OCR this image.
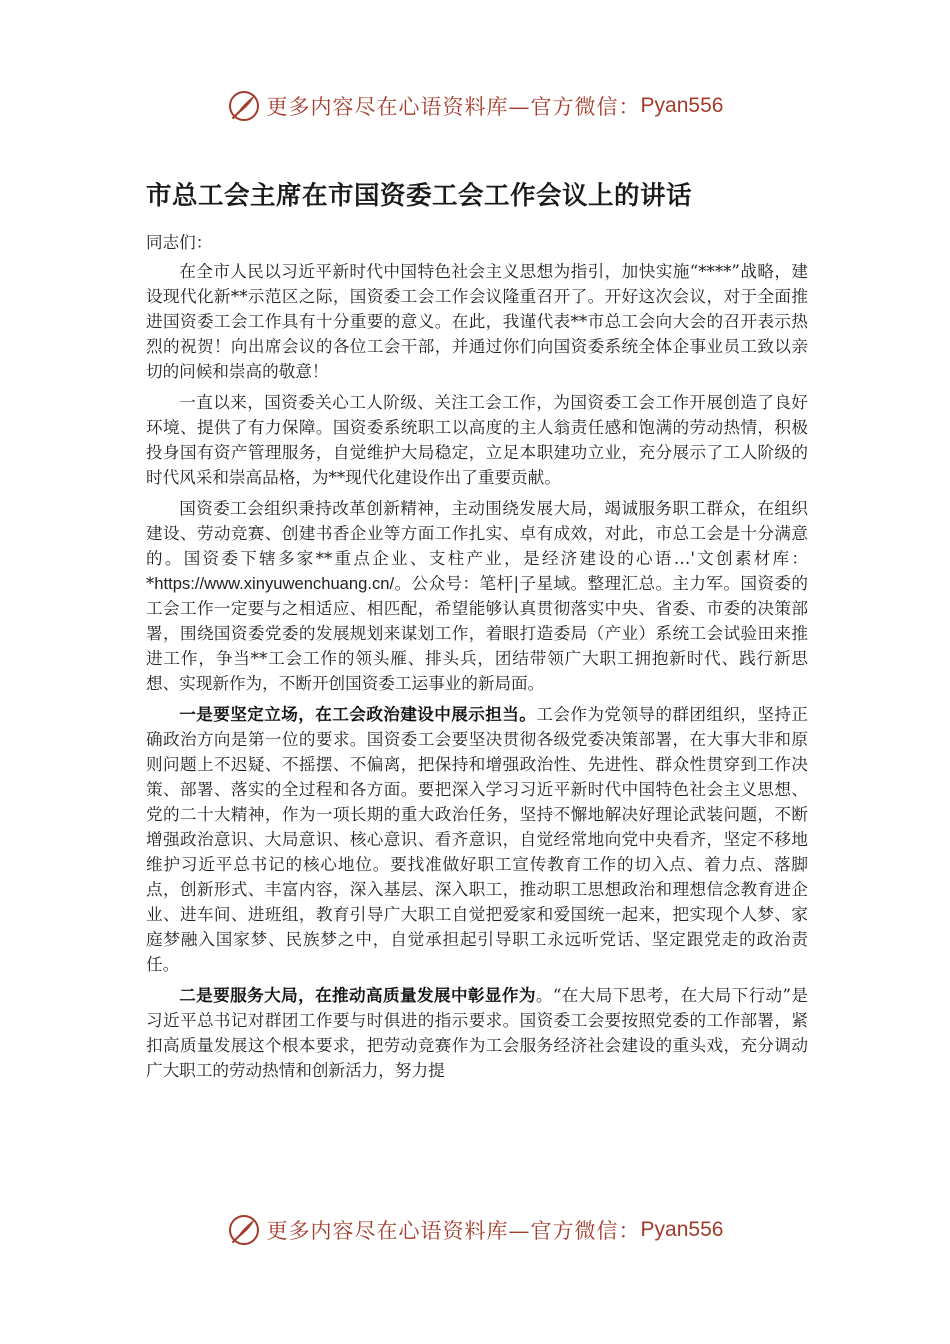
更多内容尽在心语资料库—官方微信： Pyan556
市总工会主席在市国资委工会工作会议上的讲话

同志们：

在全市人民以习近平新时代中国特色社会主义思想为指引，加快实施“****”战略，建设现代化新**示范区之际，国资委工会工作会议隆重召开了。开好这次会议，对于全面推进国资委工会工作具有十分重要的意义。在此，我谨代表**市总工会向大会的召开表示热烈的祝贺！向出席会议的各位工会干部，并通过你们向国资委系统全体企事业员工致以亲切的问候和崇高的敬意！

一直以来，国资委关心工人阶级、关注工会工作，为国资委工会工作开展创造了良好环境、提供了有力保障。国资委系统职工以高度的主人翁责任感和饱满的劳动热情，积极投身国有资产管理服务，自觉维护大局稳定，立足本职建功立业，充分展示了工人阶级的时代风采和崇高品格，为**现代化建设作出了重要贡献。

国资委工会组织秉持改革创新精神，主动围绕发展大局，竭诚服务职工群众，在组织建设、劳动竞赛、创建书香企业等方面工作扎实、卓有成效，对此，市总工会是十分满意的。国资委下辖多家**重点企业、支柱产业，是经济建设的心语…'文创素材库：*https://www.xinyuwenchuang.cn/。公众号：笔杆|子星域。整理汇总。主力军。国资委的工会工作一定要与之相适应、相匹配，希望能够认真贯彻落实中央、省委、市委的决策部署，围绕国资委党委的发展规划来谋划工作，着眼打造委局（产业）系统工会试验田来推进工作，争当**工会工作的领头雁、排头兵，团结带领广大职工拥抱新时代、践行新思想、实现新作为，不断开创国资委工运事业的新局面。

一是要坚定立场，在工会政治建设中展示担当。工会作为党领导的群团组织，坚持正确政治方向是第一位的要求。国资委工会要坚决贯彻各级党委决策部署，在大事大非和原则问题上不迟疑、不摇摆、不偏离，把保持和增强政治性、先进性、群众性贯穿到工作决策、部署、落实的全过程和各方面。要把深入学习习近平新时代中国特色社会主义思想、党的二十大精神，作为一项长期的重大政治任务，坚持不懈地解决好理论武装问题，不断增强政治意识、大局意识、核心意识、看齐意识，自觉经常地向党中央看齐，坚定不移地维护习近平总书记的核心地位。要找准做好职工宣传教育工作的切入点、着力点、落脚点，创新形式、丰富内容，深入基层、深入职工，推动职工思想政治和理想信念教育进企业、进车间、进班组，教育引导广大职工自觉把爱家和爱国统一起来，把实现个人梦、家庭梦融入国家梦、民族梦之中，自觉承担起引导职工永远听党话、坚定跟党走的政治责任。

二是要服务大局，在推动高质量发展中彰显作为。“在大局下思考，在大局下行动”是习近平总书记对群团工作要与时俱进的指示要求。国资委工会要按照党委的工作部署，紧扣高质量发展这个根本要求，把劳动竞赛作为工会服务经济社会建设的重头戏，充分调动广大职工的劳动热情和创新活力，努力提

更多内容尽在心语资料库—官方微信： Pyan556
